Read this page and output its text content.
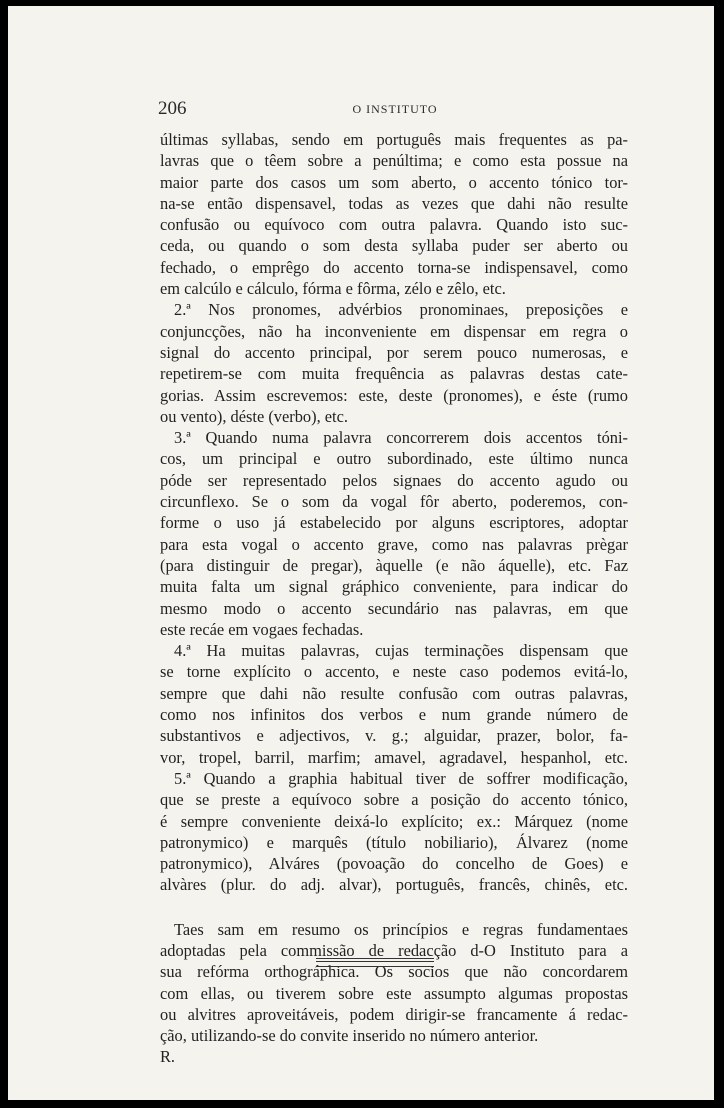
206	O INSTITUTO
últimas syllabas, sendo em português mais frequentes as pa-
lavras que o têem sobre a penúltima; e como esta possue na
maior parte dos casos um som aberto, o accento tónico tor-
na-se então dispensavel, todas as vezes que dahi não resulte
confusão ou equívoco com outra palavra. Quando isto suc-
ceda, ou quando o som desta syllaba puder ser aberto ou
fechado, o emprêgo do accento torna-se indispensavel, como
em calcúlo e cálculo, fórma e fôrma, zélo e zêlo, etc.
2.ª Nos pronomes, advérbios pronominaes, preposições e
conjuncções, não ha inconveniente em dispensar em regra o
signal do accento principal, por serem pouco numerosas, e
repetirem-se com muita frequência as palavras destas cate-
gorias. Assim escrevemos: este, deste (pronomes), e éste (rumo
ou vento), déste (verbo), etc.
3.ª Quando numa palavra concorrerem dois accentos tóni-
cos, um principal e outro subordinado, este último nunca
póde ser representado pelos signaes do accento agudo ou
circunflexo. Se o som da vogal fôr aberto, poderemos, con-
forme o uso já estabelecido por alguns escriptores, adoptar
para esta vogal o accento grave, como nas palavras prègar
(para distinguir de pregar), àquelle (e não áquelle), etc. Faz
muita falta um signal gráphico conveniente, para indicar do
mesmo modo o accento secundário nas palavras, em que
este recáe em vogaes fechadas.
4.ª Ha muitas palavras, cujas terminações dispensam que
se torne explícito o accento, e neste caso podemos evitá-lo,
sempre que dahi não resulte confusão com outras palavras,
como nos infinitos dos verbos e num grande número de
substantivos e adjectivos, v. g.; alguidar, prazer, bolor, fa-
vor, tropel, barril, marfim; amavel, agradavel, hespanhol, etc.
5.ª Quando a graphia habitual tiver de soffrer modificação,
que se preste a equívoco sobre a posição do accento tónico,
é sempre conveniente deixá-lo explícito; ex.: Márquez (nome
patronymico) e marquês (título nobiliario), Álvarez (nome
patronymico), Alváres (povoação do concelho de Goes) e
alvàres (plur. do adj. alvar), português, francês, chinês, etc.
Taes sam em resumo os princípios e regras fundamentaes
adoptadas pela commissão de redacção d-O Instituto para a
sua refórma orthográphica. Os socios que não concordarem
com ellas, ou tiverem sobre este assumpto algumas propostas
ou alvitres aproveitáveis, podem dirigir-se francamente á redac-
ção, utilizando-se do convite inserido no número anterior.
R.
